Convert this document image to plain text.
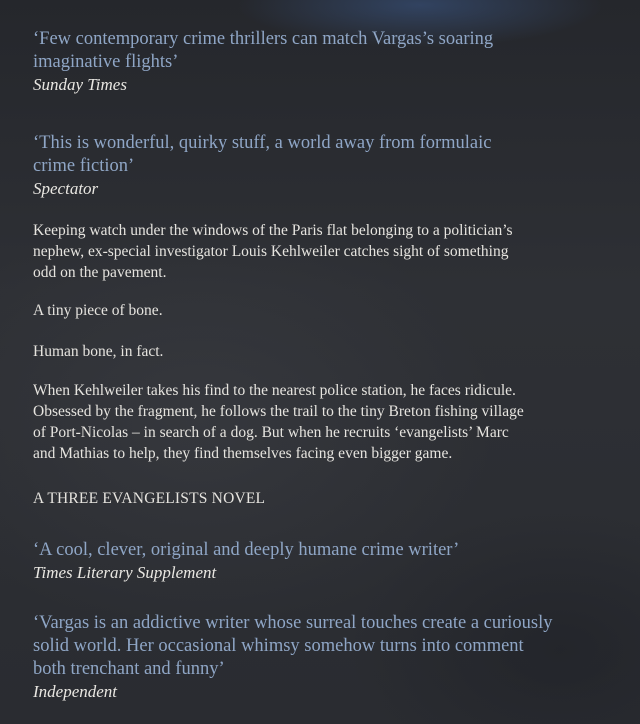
‘Few contemporary crime thrillers can match Vargas’s soaring
imaginative flights’

Sunday Times

‘This is wonderful, quirky stuff, a world away from formulaic
crime fiction’

Spectator

Keeping watch under the windows of the Paris flat belonging to a politician’s
nephew, ex-special investigator Louis Kehlweiler catches sight of something
odd on the pavement.

A tiny piece of bone.

Human bone, in fact.

When Kehlweiler takes his find to the nearest police station, he faces ridicule.
Obsessed by the fragment, he follows the trail to the tiny Breton fishing village
of Port-Nicolas – in search of a dog. But when he recruits ‘evangelists’ Marc
and Mathias to help, they find themselves facing even bigger game.

A THREE EVANGELISTS NOVEL

‘A cool, clever, original and deeply humane crime writer’

Times Literary Supplement

‘Vargas is an addictive writer whose surreal touches create a curiously
solid world. Her occasional whimsy somehow turns into comment
both trenchant and funny’

Independent
